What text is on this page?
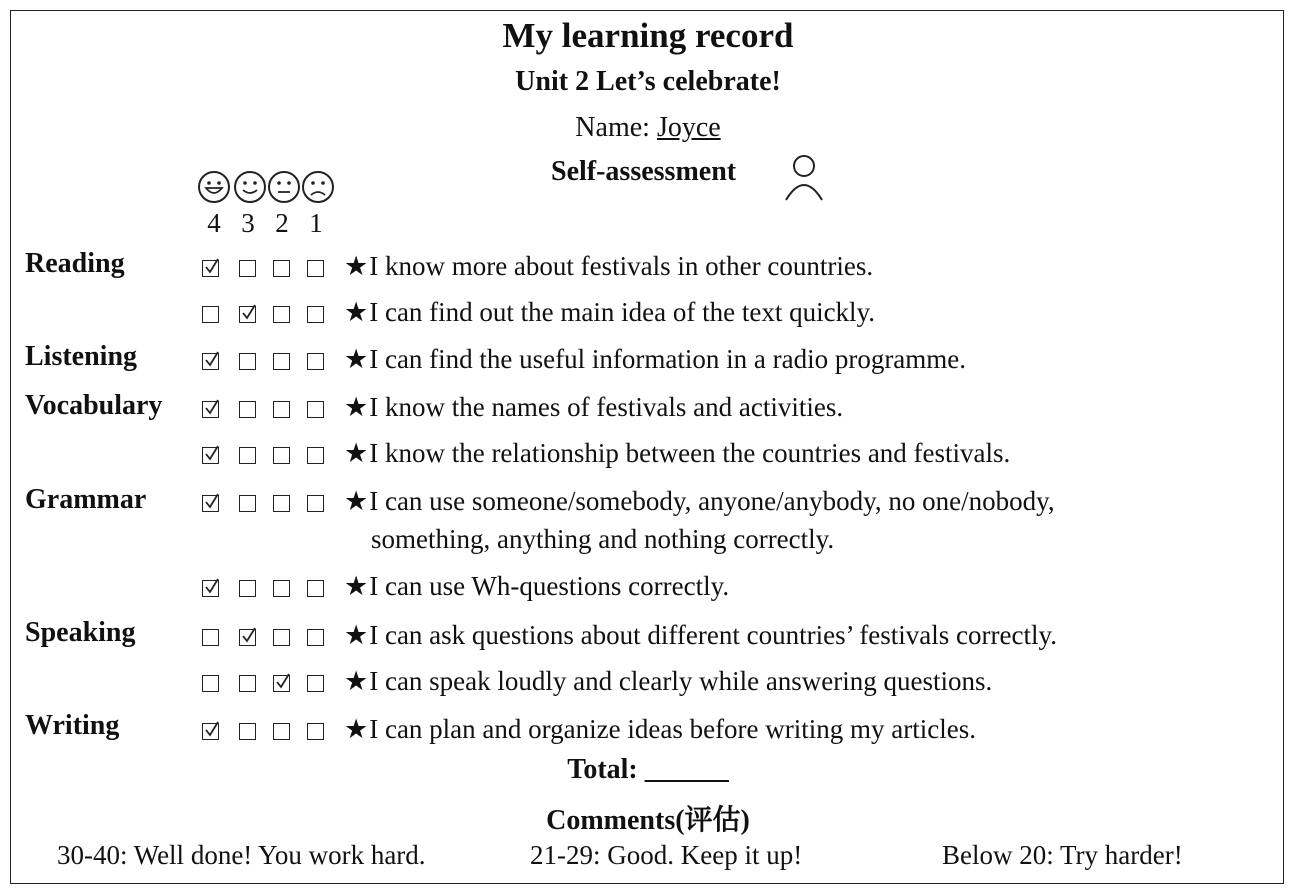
My learning record
Unit 2 Let’s celebrate!
Name: Joyce
Self-assessment
4 3 2 1
Reading
Listening
Vocabulary
Grammar
Speaking
Writing
★I know more about festivals in other countries.
★I can find out the main idea of the text quickly.
★I can find the useful information in a radio programme.
★I know the names of festivals and activities.
★I know the relationship between the countries and festivals.
★I can use someone/somebody, anyone/anybody, no one/nobody,
something, anything and nothing correctly.
★I can use Wh-questions correctly.
★I can ask questions about different countries’ festivals correctly.
★I can speak loudly and clearly while answering questions.
★I can plan and organize ideas before writing my articles.
Total: ______
Comments(评估)
30-40: Well done! You work hard.	21-29: Good. Keep it up!	Below 20: Try harder!
